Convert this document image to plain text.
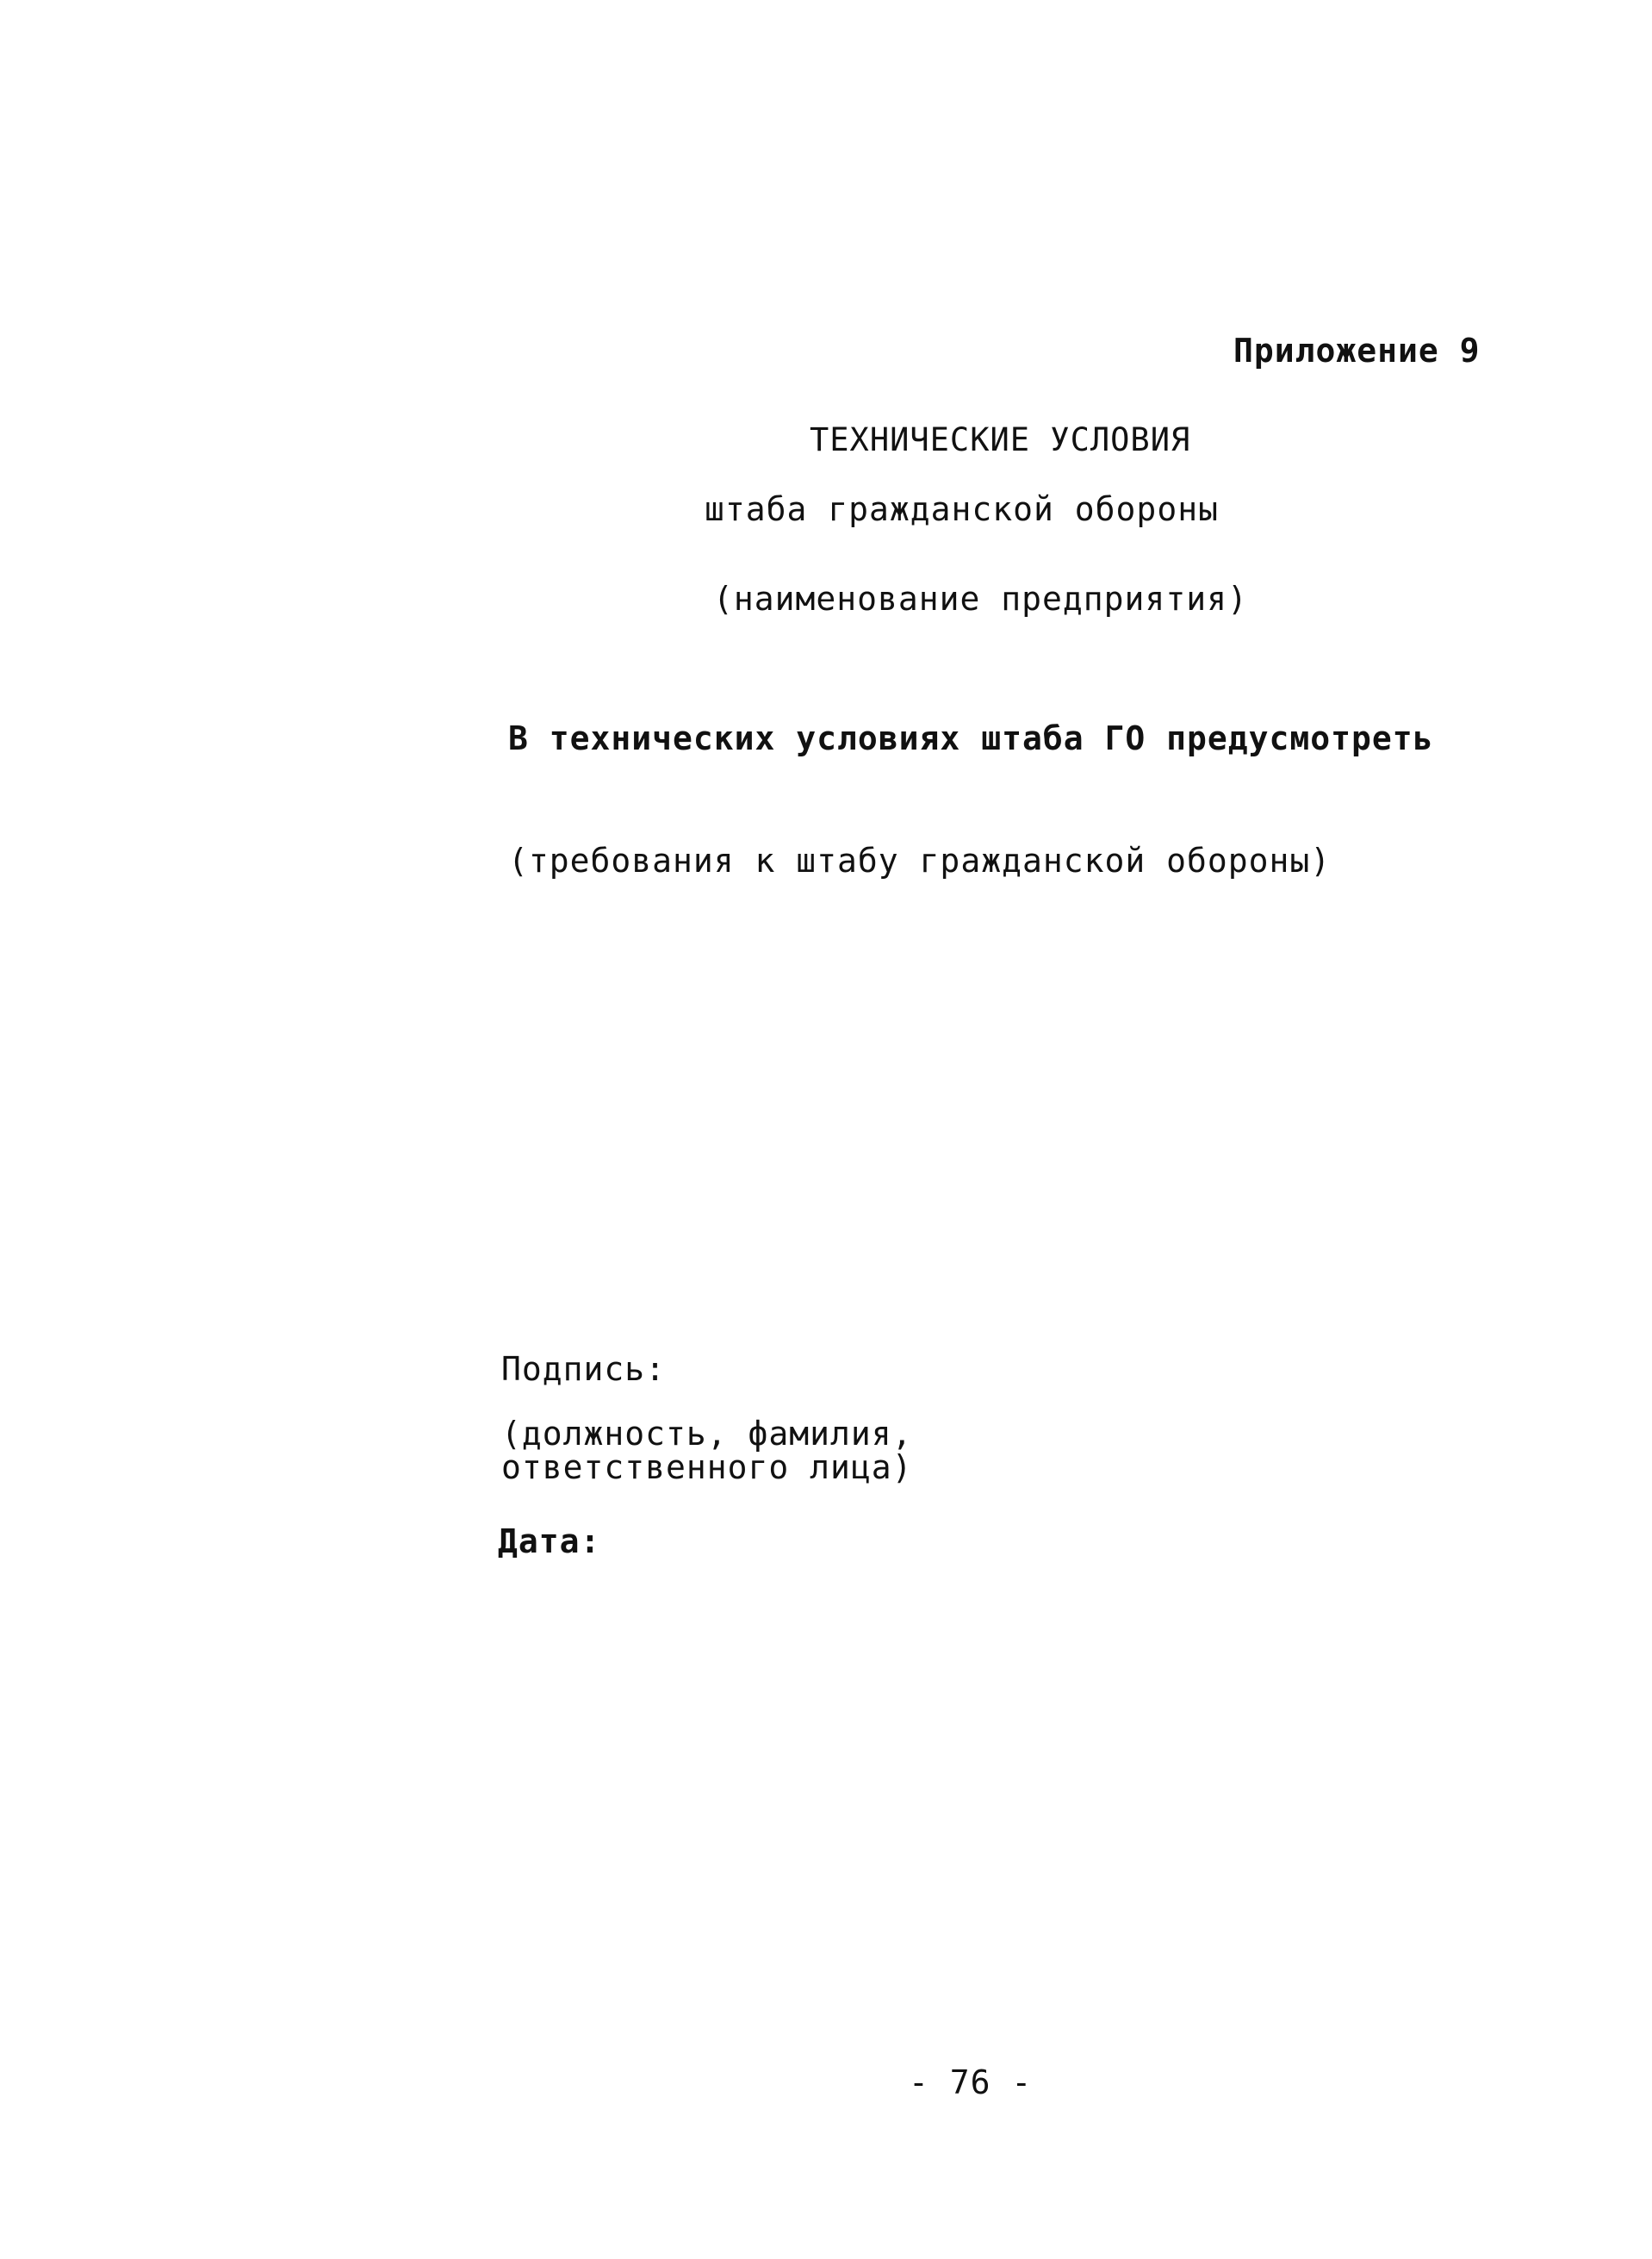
Приложение 9
ТЕХНИЧЕСКИЕ УСЛОВИЯ
штаба гражданской обороны
(наименование предприятия)
В технических условиях штаба ГО предусмотреть
(требования к штабу гражданской обороны)
Подпись:
(должность, фамилия,
ответственного лица)
Дата:
- 76 -
